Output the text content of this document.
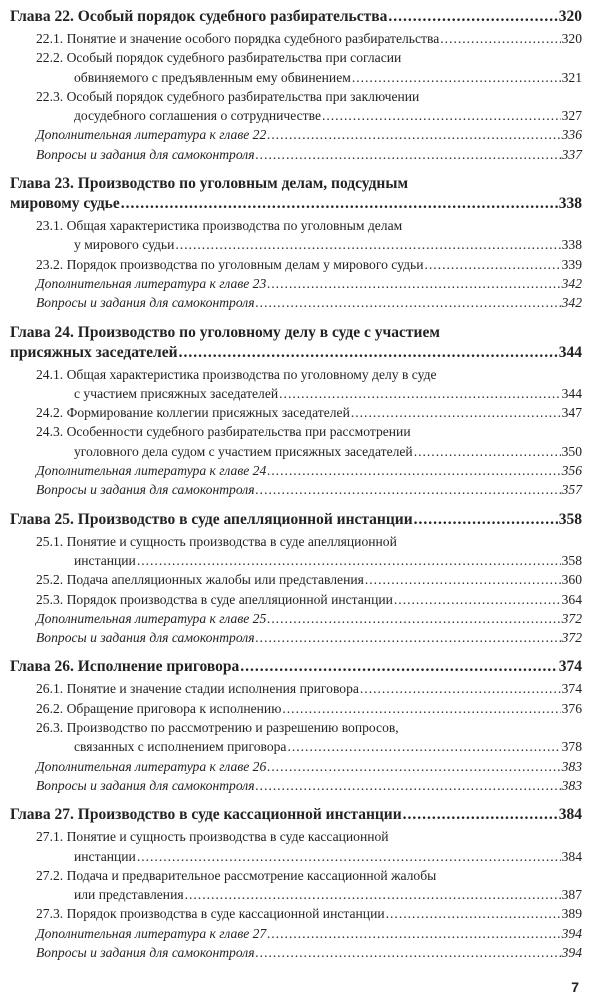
Глава 22. Особый порядок судебного разбирательства .....	320
22.1. Понятие и значение особого порядка судебного разбирательства .....	320
22.2. Особый порядок судебного разбирательства при согласии
обвиняемого с предъявленным ему обвинением .....	321
22.3. Особый порядок судебного разбирательства при заключении
досудебного соглашения о сотрудничестве .....	327
Дополнительная литература к главе 22 .....	336
Вопросы и задания для самоконтроля .....	337
Глава 23. Производство по уголовным делам, подсудным
мировому судье .....	338
23.1. Общая характеристика производства по уголовным делам
у мирового судьи .....	338
23.2. Порядок производства по уголовным делам у мирового судьи .....	339
Дополнительная литература к главе 23 .....	342
Вопросы и задания для самоконтроля .....	342
Глава 24. Производство по уголовному делу в суде с участием
присяжных заседателей .....	344
24.1. Общая характеристика производства по уголовному делу в суде
с участием присяжных заседателей .....	344
24.2. Формирование коллегии присяжных заседателей .....	347
24.3. Особенности судебного разбирательства при рассмотрении
уголовного дела судом с участием присяжных заседателей .....	350
Дополнительная литература к главе 24 .....	356
Вопросы и задания для самоконтроля .....	357
Глава 25. Производство в суде апелляционной инстанции .....	358
25.1. Понятие и сущность производства в суде апелляционной
инстанции .....	358
25.2. Подача апелляционных жалобы или представления .....	360
25.3. Порядок производства в суде апелляционной инстанции .....	364
Дополнительная литература к главе 25 .....	372
Вопросы и задания для самоконтроля .....	372
Глава 26. Исполнение приговора .....	374
26.1. Понятие и значение стадии исполнения приговора .....	374
26.2. Обращение приговора к исполнению .....	376
26.3. Производство по рассмотрению и разрешению вопросов,
связанных с исполнением приговора .....	378
Дополнительная литература к главе 26 .....	383
Вопросы и задания для самоконтроля .....	383
Глава 27. Производство в суде кассационной инстанции .....	384
27.1. Понятие и сущность производства в суде кассационной
инстанции .....	384
27.2. Подача и предварительное рассмотрение кассационной жалобы
или представления .....	387
27.3. Порядок производства в суде кассационной инстанции .....	389
Дополнительная литература к главе 27 .....	394
Вопросы и задания для самоконтроля .....	394
7
